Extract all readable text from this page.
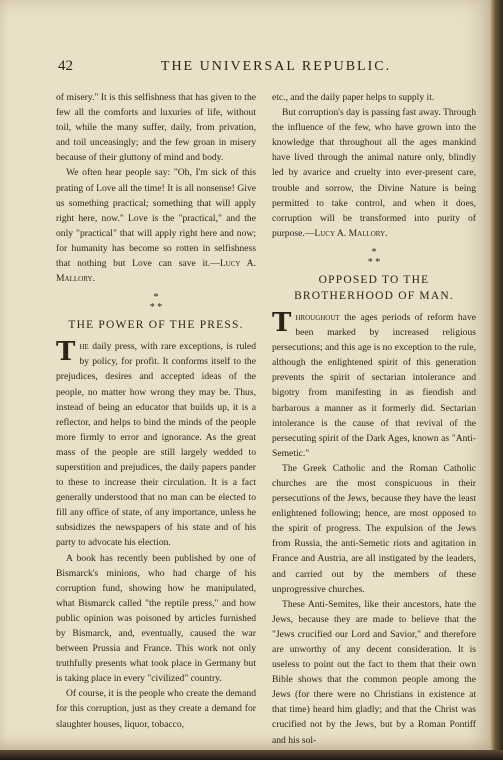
42	THE UNIVERSAL REPUBLIC.

of misery." It is this selfishness that has given to the few all the comforts and luxuries of life, without toil, while the many suffer, daily, from privation, and toil unceasingly; and the few groan in misery because of their gluttony of mind and body.

We often hear people say: "Oh, I'm sick of this prating of Love all the time! It is all nonsense! Give us something practical; something that will apply right here, now." Love is the "practical," and the only "practical" that will apply right here and now; for humanity has become so rotten in selfishness that nothing but Love can save it.—Lucy A. Mallory.

*
* *
THE POWER OF THE PRESS.

The daily press, with rare exceptions, is ruled by policy, for profit. It conforms itself to the prejudices, desires and accepted ideas of the people, no matter how wrong they may be. Thus, instead of being an educator that builds up, it is a reflector, and helps to bind the minds of the people more firmly to error and ignorance. As the great mass of the people are still largely wedded to superstition and prejudices, the daily papers pander to these to increase their circulation. It is a fact generally understood that no man can be elected to fill any office of state, of any importance, unless he subsidizes the newspapers of his state and of his party to advocate his election.

A book has recently been published by one of Bismarck's minions, who had charge of his corruption fund, showing how he manipulated, what Bismarck called "the reptile press," and how public opinion was poisoned by articles furnished by Bismarck, and, eventually, caused the war between Prussia and France. This work not only truthfully presents what took place in Germany but is taking place in every "civilized" country.

Of course, it is the people who create the demand for this corruption, just as they create a demand for slaughter houses, liquor, tobacco,

etc., and the daily paper helps to supply it.

But corruption's day is passing fast away. Through the influence of the few, who have grown into the knowledge that throughout all the ages mankind have lived through the animal nature only, blindly led by avarice and cruelty into ever-present care, trouble and sorrow, the Divine Nature is being permitted to take control, and when it does, corruption will be transformed into purity of purpose.—Lucy A. Mallory.

*
* *
OPPOSED TO THE BROTHERHOOD OF MAN.

Throughout the ages periods of reform have been marked by increased religious persecutions; and this age is no exception to the rule, although the enlightened spirit of this generation prevents the spirit of sectarian intolerance and bigotry from manifesting in as fiendish and barbarous a manner as it formerly did. Sectarian intolerance is the cause of that revival of the persecuting spirit of the Dark Ages, known as "Anti-Semetic."

The Greek Catholic and the Roman Catholic churches are the most conspicuous in their persecutions of the Jews, because they have the least enlightened following; hence, are most opposed to the spirit of progress. The expulsion of the Jews from Russia, the anti-Semetic riots and agitation in France and Austria, are all instigated by the leaders, and carried out by the members of these unprogressive churches.

These Anti-Semites, like their ancestors, hate the Jews, because they are made to believe that the "Jews crucified our Lord and Savior," and therefore are unworthy of any decent consideration. It is useless to point out the fact to them that their own Bible shows that the common people among the Jews (for there were no Christians in existence at that time) heard him gladly; and that the Christ was crucified not by the Jews, but by a Roman Pontiff and his sol-
